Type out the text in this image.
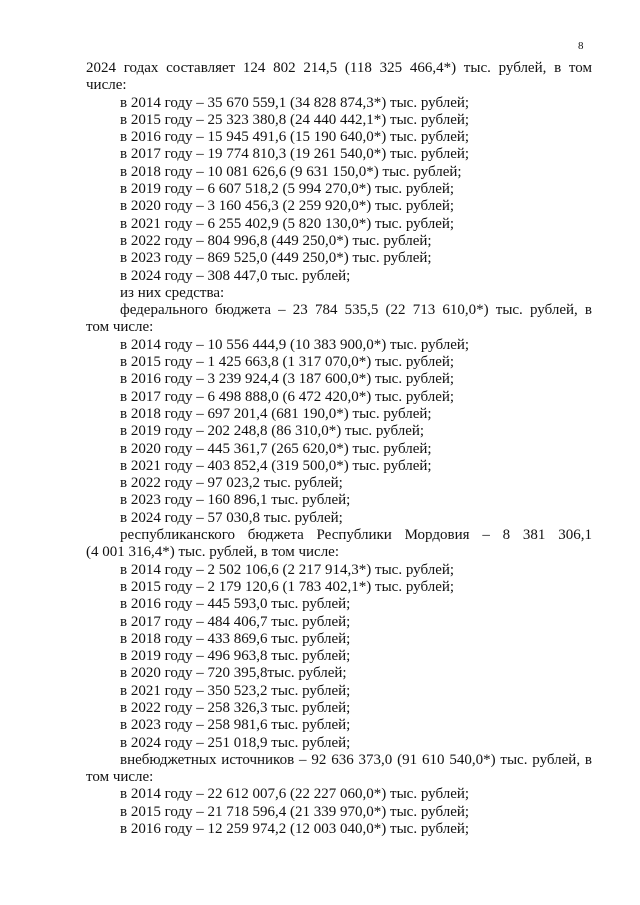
8
2024 годах составляет 124 802 214,5 (118 325 466,4*) тыс. рублей, в том
числе:
в 2014 году – 35 670 559,1 (34 828 874,3*) тыс. рублей;
в 2015 году – 25 323 380,8 (24 440 442,1*) тыс. рублей;
в 2016 году – 15 945 491,6 (15 190 640,0*) тыс. рублей;
в 2017 году – 19 774 810,3 (19 261 540,0*) тыс. рублей;
в 2018 году – 10 081 626,6 (9 631 150,0*) тыс. рублей;
в 2019 году – 6 607 518,2 (5 994 270,0*) тыс. рублей;
в 2020 году – 3 160 456,3 (2 259 920,0*) тыс. рублей;
в 2021 году – 6 255 402,9 (5 820 130,0*) тыс. рублей;
в 2022 году – 804 996,8 (449 250,0*) тыс. рублей;
в 2023 году – 869 525,0 (449 250,0*) тыс. рублей;
в 2024 году – 308 447,0 тыс. рублей;
из них средства:
федерального бюджета – 23 784 535,5 (22 713 610,0*) тыс. рублей, в
том числе:
в 2014 году – 10 556 444,9 (10 383 900,0*) тыс. рублей;
в 2015 году – 1 425 663,8 (1 317 070,0*) тыс. рублей;
в 2016 году – 3 239 924,4 (3 187 600,0*) тыс. рублей;
в 2017 году – 6 498 888,0 (6 472 420,0*) тыс. рублей;
в 2018 году – 697 201,4 (681 190,0*) тыс. рублей;
в 2019 году – 202 248,8 (86 310,0*) тыс. рублей;
в 2020 году – 445 361,7 (265 620,0*) тыс. рублей;
в 2021 году – 403 852,4 (319 500,0*) тыс. рублей;
в 2022 году – 97 023,2 тыс. рублей;
в 2023 году – 160 896,1 тыс. рублей;
в 2024 году – 57 030,8 тыс. рублей;
республиканского бюджета Республики Мордовия – 8 381 306,1
(4 001 316,4*) тыс. рублей, в том числе:
в 2014 году – 2 502 106,6 (2 217 914,3*) тыс. рублей;
в 2015 году – 2 179 120,6 (1 783 402,1*) тыс. рублей;
в 2016 году – 445 593,0 тыс. рублей;
в 2017 году – 484 406,7 тыс. рублей;
в 2018 году – 433 869,6 тыс. рублей;
в 2019 году – 496 963,8 тыс. рублей;
в 2020 году – 720 395,8тыс. рублей;
в 2021 году – 350 523,2 тыс. рублей;
в 2022 году – 258 326,3 тыс. рублей;
в 2023 году – 258 981,6 тыс. рублей;
в 2024 году – 251 018,9 тыс. рублей;
внебюджетных источников – 92 636 373,0 (91 610 540,0*) тыс. рублей, в
том числе:
в 2014 году – 22 612 007,6 (22 227 060,0*) тыс. рублей;
в 2015 году – 21 718 596,4 (21 339 970,0*) тыс. рублей;
в 2016 году – 12 259 974,2 (12 003 040,0*) тыс. рублей;
